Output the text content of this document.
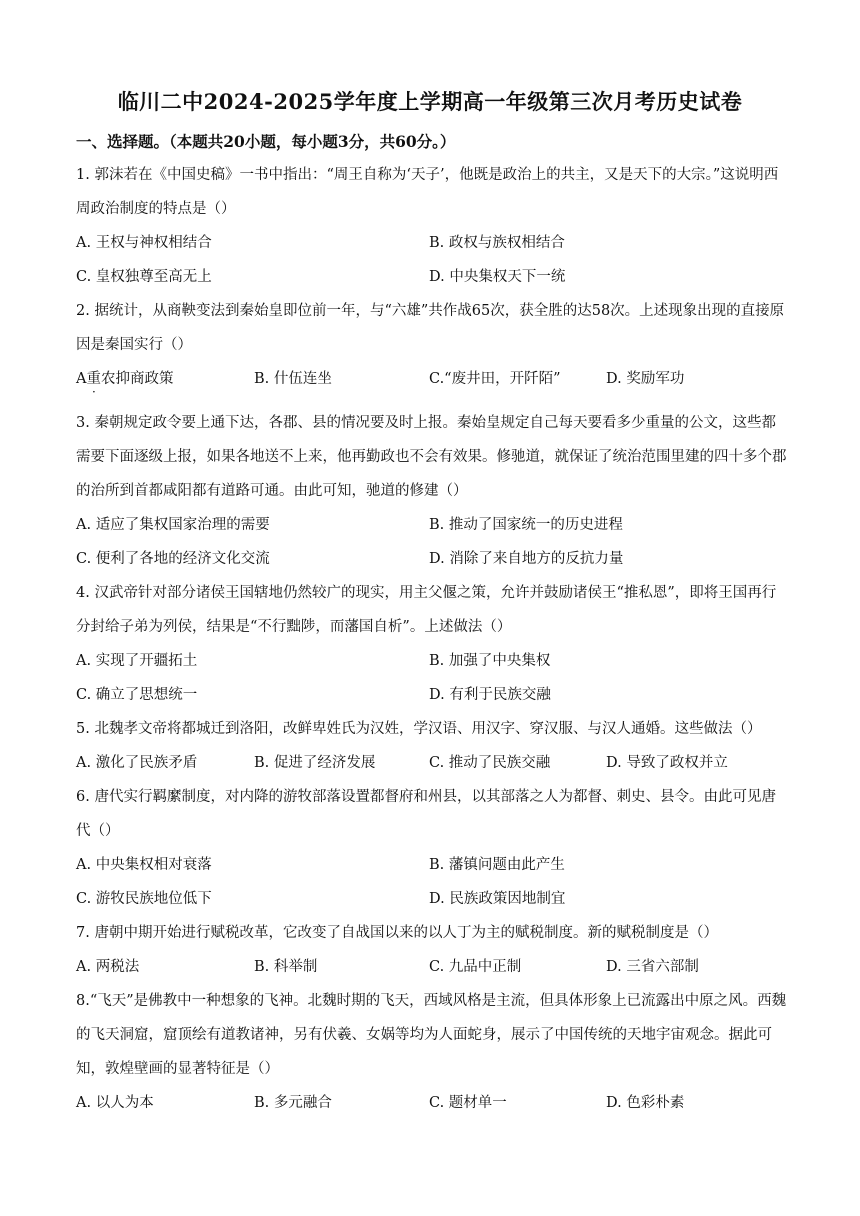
临川二中2024-2025学年度上学期高一年级第三次月考历史试卷
一、选择题。（本题共20小题，每小题3分，共60分。）
1. 郭沫若在《中国史稿》一书中指出：“周王自称为‘天子’，他既是政治上的共主，又是天下的大宗。”这说明西周政治制度的特点是（）
A. 王权与神权相结合	B. 政权与族权相结合
C. 皇权独尊至高无上	D. 中央集权天下一统
2. 据统计，从商鞅变法到秦始皇即位前一年，与“六雄”共作战65次，获全胜的达58次。上述现象出现的直接原因是秦国实行（）
A重农抑商政策	B. 什伍连坐	C.“废井田，开阡陌”	D. 奖励军功
·
3. 秦朝规定政令要上通下达，各郡、县的情况要及时上报。秦始皇规定自己每天要看多少重量的公文，这些都需要下面逐级上报，如果各地送不上来，他再勤政也不会有效果。修驰道，就保证了统治范围里建的四十多个郡的治所到首都咸阳都有道路可通。由此可知，驰道的修建（）
A. 适应了集权国家治理的需要	B. 推动了国家统一的历史进程
C. 便利了各地的经济文化交流	D. 消除了来自地方的反抗力量
4. 汉武帝针对部分诸侯王国辖地仍然较广的现实，用主父偃之策，允许并鼓励诸侯王“推私恩”，即将王国再行分封给子弟为列侯，结果是“不行黜陟，而藩国自析”。上述做法（）
A. 实现了开疆拓土	B. 加强了中央集权
C. 确立了思想统一	D. 有利于民族交融
5. 北魏孝文帝将都城迁到洛阳，改鲜卑姓氏为汉姓，学汉语、用汉字、穿汉服、与汉人通婚。这些做法（）
A. 激化了民族矛盾	B. 促进了经济发展	C. 推动了民族交融	D. 导致了政权并立
6. 唐代实行羁縻制度，对内降的游牧部落设置都督府和州县，以其部落之人为都督、刺史、县令。由此可见唐代（）
A. 中央集权相对衰落	B. 藩镇问题由此产生
C. 游牧民族地位低下	D. 民族政策因地制宜
7. 唐朝中期开始进行赋税改革，它改变了自战国以来的以人丁为主的赋税制度。新的赋税制度是（）
A. 两税法	B. 科举制	C. 九品中正制	D. 三省六部制
8.“飞天”是佛教中一种想象的飞神。北魏时期的飞天，西域风格是主流，但具体形象上已流露出中原之风。西魏的飞天洞窟，窟顶绘有道教诸神，另有伏羲、女娲等均为人面蛇身，展示了中国传统的天地宇宙观念。据此可知，敦煌壁画的显著特征是（）
A. 以人为本	B. 多元融合	C. 题材单一	D. 色彩朴素
